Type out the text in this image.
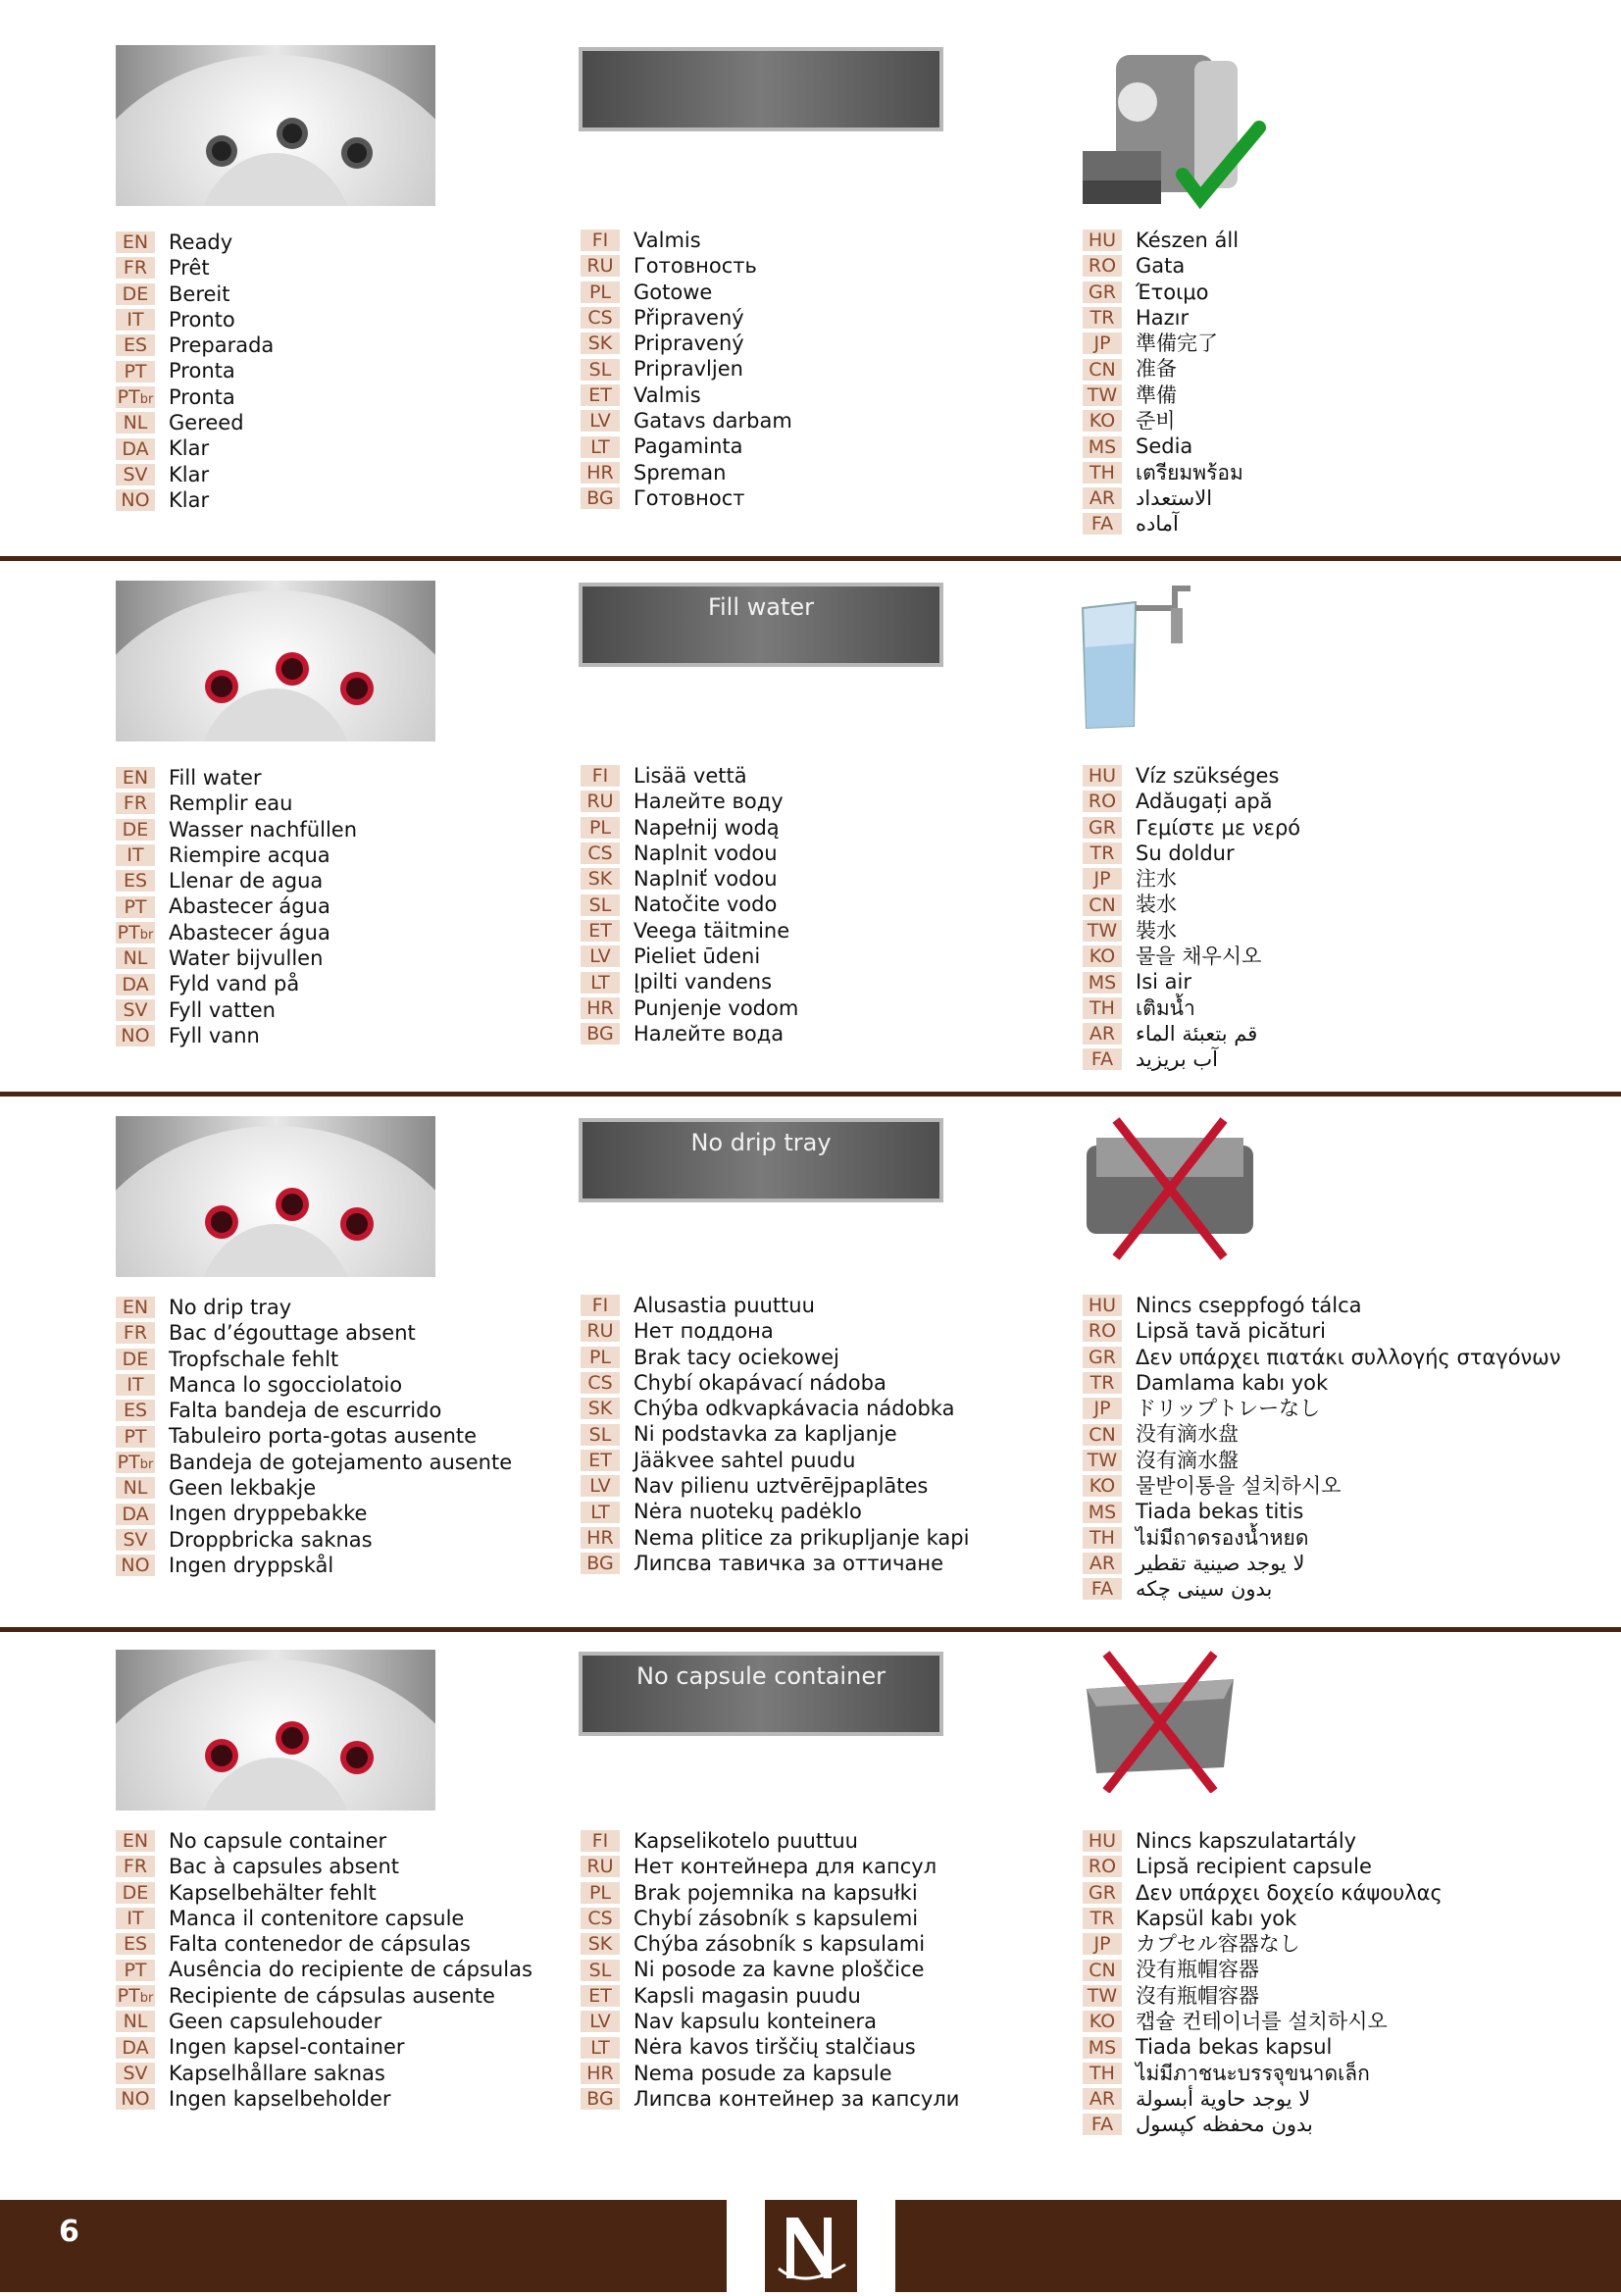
EN Ready
FR	Prêt
DE Bereit
IT	Pronto
ES	Preparada
PT	Pronta
PTbr Pronta
NL	Gereed
DA Klar
SV	Klar
NO Klar
FI	Valmis
RU Готовность
PL	Gotowe
CS	Připravený
SK	Pripravený
SL	Pripravljen
ET	Valmis
LV	Gatavs darbam
LT	Pagaminta
HR Spreman
BG Готовност
HU Készen áll
RO Gata
GR Έτοιμο
TR	Hazır
JP	準備完了
CN 准备
TW 準備
KO 준비
MS Sedia
TH	เตรียมพร้อม
AR الاستعداد
FA	آماده
Fill water
EN Fill water
FR	Remplir eau
DE Wasser nachfüllen
IT	Riempire acqua
ES	Llenar de agua
PT	Abastecer água
PTbr Abastecer água
NL	Water bijvullen
DA Fyld vand på
SV	Fyll vatten
NO Fyll vann
FI	Lisää vettä
RU Налейте воду
PL	Napełnij wodą
CS	Naplnit vodou
SK	Naplniť vodou
SL	Natočite vodo
ET	Veega täitmine
LV	Pieliet ūdeni
LT	Įpilti vandens
HR Punjenje vodom
BG Налейте вода
HU Víz szükséges
RO Adăugați apă
GR Γεμίστε με νερό
TR	Su doldur
JP	注水
CN 装水
TW 裝水
KO 물을 채우시오
MS Isi air
TH	เติมน้ำ
AR قم بتعبئة الماء
FA	آب بریزید
No drip tray
EN No drip tray
FR	Bac d’égouttage absent
DE Tropfschale fehlt
IT	Manca lo sgocciolatoio
ES	Falta bandeja de escurrido
PT	Tabuleiro porta-gotas ausente
PTbr Bandeja de gotejamento ausente
NL	Geen lekbakje
DA Ingen dryppebakke
SV	Droppbricka saknas
NO Ingen dryppskål
FI	Alusastia puuttuu
RU Нет поддона
PL	Brak tacy ociekowej
CS	Chybí okapávací nádoba
SK	Chýba odkvapkávacia nádobka
SL	Ni podstavka za kapljanje
ET	Jääkvee sahtel puudu
LV	Nav pilienu uztvērējpaplātes
LT	Nėra nuotekų padėklo
HR Nema plitice za prikupljanje kapi
BG Липсва тавичка за оттичане
HU Nincs cseppfogó tálca
RO Lipsă tavă picături
GR Δεν υπάρχει πιατάκι συλλογής σταγόνων
TR	Damlama kabı yok
JP	ドリップトレーなし
CN 没有滴水盘
TW 沒有滴水盤
KO 물받이통을 설치하시오
MS Tiada bekas titis
TH	ไม่มีถาดรองน้ำหยด
AR لا يوجد صينية تقطير
FA	بدون سینی چکه
No capsule container
EN No capsule container
FR	Bac à capsules absent
DE Kapselbehälter fehlt
IT	Manca il contenitore capsule
ES	Falta contenedor de cápsulas
PT	Ausência do recipiente de cápsulas
PTbr Recipiente de cápsulas ausente
NL	Geen capsulehouder
DA Ingen kapsel-container
SV	Kapselhållare saknas
NO Ingen kapselbeholder
FI	Kapselikotelo puuttuu
RU Нет контейнера для капсул
PL	Brak pojemnika na kapsułki
CS	Chybí zásobník s kapsulemi
SK	Chýba zásobník s kapsulami
SL	Ni posode za kavne ploščice
ET	Kapsli magasin puudu
LV	Nav kapsulu konteinera
LT	Nėra kavos tirščių stalčiaus
HR Nema posude za kapsule
BG Липсва контейнер за капсули
HU Nincs kapszulatartály
RO Lipsă recipient capsule
GR Δεν υπάρχει δοχείο κάψουλας
TR	Kapsül kabı yok
JP	カプセル容器なし
CN 没有瓶帽容器
TW 沒有瓶帽容器
KO 캡슐 컨테이너를 설치하시오
MS Tiada bekas kapsul
TH	ไม่มีภาชนะบรรจุขนาดเล็ก
AR لا يوجد حاوية أبسولة
FA	بدون محفظه کپسول
6
